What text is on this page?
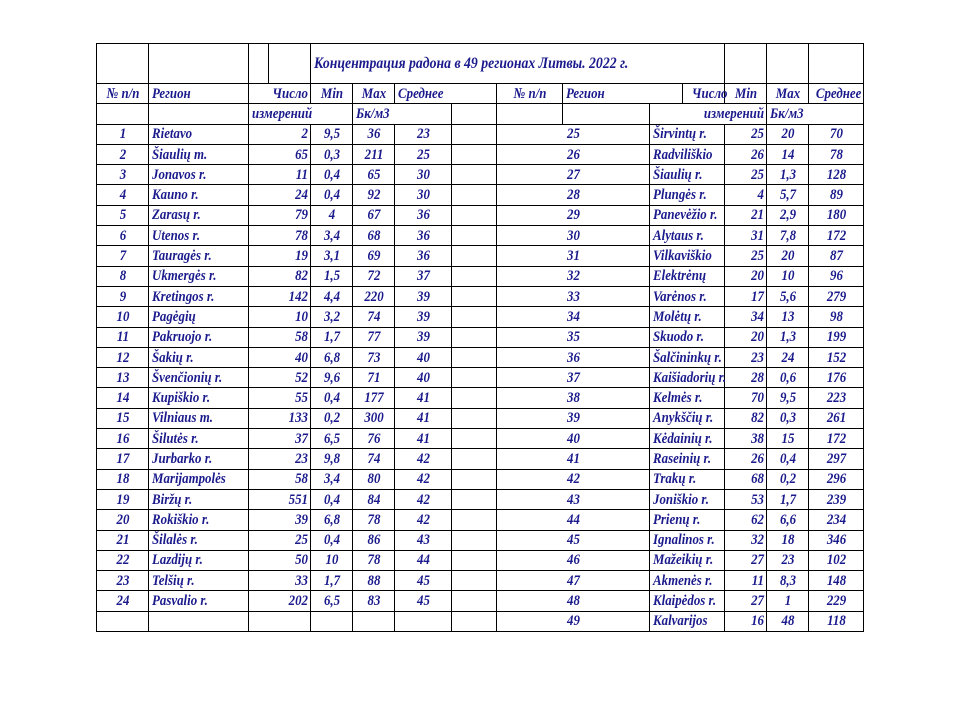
				Концентрация радона в 49 регионах Литвы. 2022 г.											
№ п/п	Регион	Число		Min	Max	Среднее		№ п/п	Регион		Число	Min	Max	Среднее	
		измерений			Бк/м3					измерений			Бк/м3		
1	Rietavo	2		9,5	36	23		25		Širvintų r.		25	20	70	
2	Šiaulių m.	65		0,3	211	25		26		Radviliškio		26	14	78	
3	Jonavos r.	11		0,4	65	30		27		Šiaulių r.		25	1,3	128	
4	Kauno r.	24		0,4	92	30		28		Plungės r.		4	5,7	89	
5	Zarasų r.	79		4	67	36		29		Panevėžio r.		21	2,9	180	
6	Utenos r.	78		3,4	68	36		30		Alytaus r.		31	7,8	172	
7	Tauragės r.	19		3,1	69	36		31		Vilkaviškio		25	20	87	
8	Ukmergės r.	82		1,5	72	37		32		Elektrėnų		20	10	96	
9	Kretingos r.	142		4,4	220	39		33		Varėnos r.		17	5,6	279	
10	Pagėgių	10		3,2	74	39		34		Molėtų r.		34	13	98	
11	Pakruojo r.	58		1,7	77	39		35		Skuodo r.		20	1,3	199	
12	Šakių r.	40		6,8	73	40		36		Šalčininkų r.		23	24	152	
13	Švenčionių r.	52		9,6	71	40		37		Kaišiadorių r.		28	0,6	176	
14	Kupiškio r.	55		0,4	177	41		38		Kelmės r.		70	9,5	223	
15	Vilniaus m.	133		0,2	300	41		39		Anykščių r.		82	0,3	261	
16	Šilutės r.	37		6,5	76	41		40		Kėdainių r.		38	15	172	
17	Jurbarko r.	23		9,8	74	42		41		Raseinių r.		26	0,4	297	
18	Marijampolės	58		3,4	80	42		42		Trakų r.		68	0,2	296	
19	Biržų r.	551		0,4	84	42		43		Joniškio r.		53	1,7	239	
20	Rokiškio r.	39		6,8	78	42		44		Prienų r.		62	6,6	234	
21	Šilalės r.	25		0,4	86	43		45		Ignalinos r.		32	18	346	
22	Lazdijų r.	50		10	78	44		46		Mažeikių r.		27	23	102	
23	Telšių r.	33		1,7	88	45		47		Akmenės r.		11	8,3	148	
24	Pasvalio r.	202		6,5	83	45		48		Klaipėdos r.		27	1	229	
								49		Kalvarijos		16	48	118	
